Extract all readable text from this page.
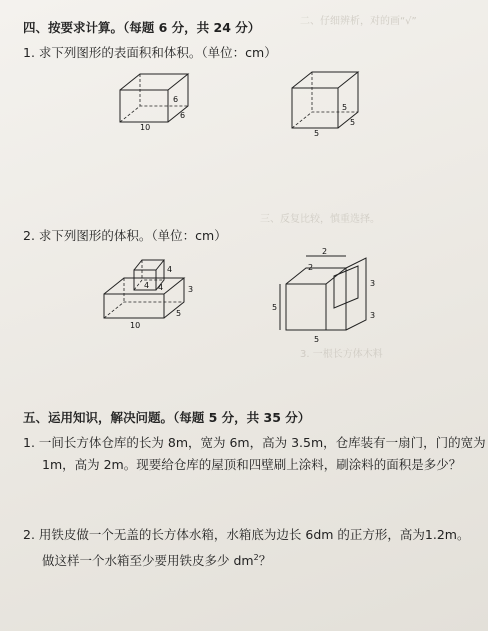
二、仔细辨析，对的画“√”
三、反复比较，慎重选择。
3. 一根长方体木料
四、按要求计算。（每题 6 分，共 24 分）
1. 求下列图形的表面积和体积。（单位：cm）
6
6
10
5
5
5
2. 求下列图形的体积。（单位：cm）
4
4 4	3
5
10
2
2
3
5
3
5
五、运用知识，解决问题。（每题 5 分，共 35 分）
1. 一间长方体仓库的长为 8m，宽为 6m，高为 3.5m，仓库装有一扇门，门的宽为
1m，高为 2m。现要给仓库的屋顶和四壁刷上涂料，刷涂料的面积是多少？
2. 用铁皮做一个无盖的长方体水箱，水箱底为边长 6dm 的正方形，高为1.2m。
做这样一个水箱至少要用铁皮多少 $dm^2$？
